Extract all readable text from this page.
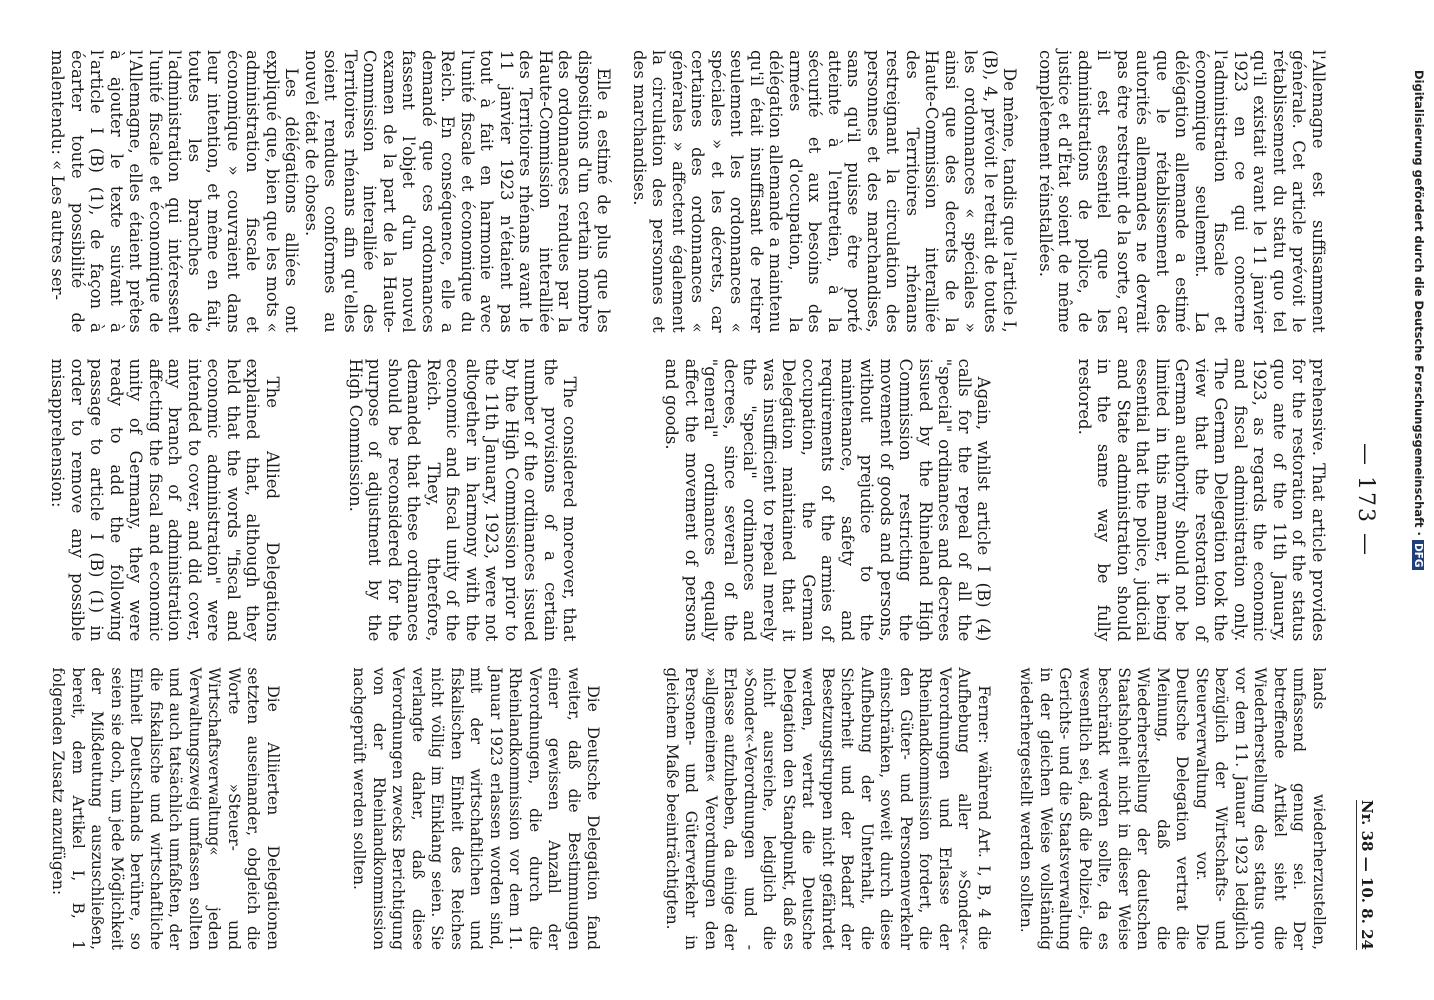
— 173 —
Nr. 38 — 10. 8. 24

l'Allemagne est suffisamment générale. Cet article prévoit le rétablissement du statu quo tel qu'il existait avant le 11 janvier 1923 en ce qui concerne l'administration fiscale et économique seulement. La délégation allemande a estimé que le rétablissement des autorités allemandes ne devrait pas être restreint de la sorte, car il est essentiel que les administrations de police, de justice et d'État soient de même complètement réinstallées.

De même, tandis que l'article I, (B), 4, prévoit le retrait de toutes les ordonnances « spéciales » ainsi que des decrets de la Haute-Commission interalliée des Territoires rhénans restreignant la circulation des personnes et des marchandises, sans qu'il puisse être porté atteinte à l'entretien, à la sécurité et aux besoins des armées d'occupation, la délégation allemande a maintenu qu'il était insuffisant de retirer seulement les ordonnances « spéciales » et les décrets, car certaines des ordonnances « générales » affectent également la circulation des personnes et des marchandises.

Elle a estimé de plus que les dispositions d'un certain nombre des ordonnances rendues par la Haute-Commission interalliée des Territoires rhénans avant le 11 janvier 1923 n'étaient pas tout à fait en harmonie avec l'unité fiscale et économique du Reich. En conséquence, elle a demandé que ces ordonnances fassent l'objet d'un nouvel examen de la part de la Haute-Commission interalliée des Territoires rhénans afin qu'elles soient rendues conformes au nouvel état de choses.

Les délégations alliées ont expliqué que, bien que les mots « administration fiscale et économique » couvraient dans leur intention, et même en fait, toutes les branches de l'administration qui intéressent l'unité fiscale et économique de l'Allemagne, elles étaient prêtes à ajouter le texte suivant à l'article I (B) (1), de façon à écarter toute possibilité de malentendu: « Les autres ser-

prehensive. That article provides for the restoration of the status quo ante of the 11th January, 1923, as regards the economic and fiscal administration only. The German Delegation took the view that the restoration of German authority should not be limited in this manner, it being essential that the police, judicial and State administration should in the same way be fully restored.

Again, whilst article I (B) (4) calls for the repeal of all the "special" ordinances and decrees issued by the Rhineland High Commission restricting the movement of goods and persons, without prejudice to the maintenance, safety and requirements of the armies of occupation, the German Delegation maintained that it was insufficient to repeal merely the "special" ordinances and decrees, since several of the "general" ordinances equally affect the movement of persons and goods.

The considered moreover, that the provisions of a certain number of the ordinances issued by the High Commission prior to the 11th January, 1923, were not altogether in harmony with the economic and fiscal unity of the Reich. They, therefore, demanded that these ordinances should be reconsidered for the purpose of adjustment by the High Commission.

The Allied Delegations explained that, although they held that the words "fiscal and economic administration" were intended to cover, and did cover, any branch of administration affecting the fiscal and economic unity of Germany, they were ready to add the following passage to article I (B) (1) in order to remove any possible misapprehension:

lands wiederherzustellen, umfassend genug sei. Der betreffende Artikel sieht die Wiederherstellung des status quo vor dem 11. Januar 1923 lediglich bezüglich der Wirtschafts- und Steuerverwaltung vor. Die Deutsche Delegation vertrat die Meinung, daß die Wiederherstellung der deutschen Staatshoheit nicht in dieser Weise beschränkt werden sollte, da es wesentlich sei, daß die Polizei-, die Gerichts- und die Staatsverwaltung in der gleichen Weise vollständig wiederhergestellt werden sollten.

Ferner: während Art. I, B, 4 die Aufhebung aller »Sonder«-Verordnungen und Erlasse der Rheinlandkommission fordert, die den Güter- und Personenverkehr einschränken, soweit durch diese Aufhebung der Unterhalt, die Sicherheit und der Bedarf der Besetzungstruppen nicht gefährdet werden, vertrat die Deutsche Delegation den Standpunkt, daß es nicht ausreiche, lediglich die »Sonder«-Verordnungen und -Erlasse aufzuheben, da einige der »allgemeinen« Verordnungen den Personen- und Güterverkehr in gleichem Maße beeinträchtigten.

Die Deutsche Delegation fand weiter, daß die Bestimmungen einer gewissen Anzahl der Verordnungen, die durch die Rheinlandkommission vor dem 11. Januar 1923 erlassen worden sind, mit der wirtschaftlichen und fiskalischen Einheit des Reiches nicht völlig im Einklang seien. Sie verlangte daher, daß diese Verordnungen zwecks Berichtigung von der Rheinlandkommission nachgeprüft werden sollten.

Die Alliierten Delegationen setzten auseinander, obgleich die Worte »Steuer- und Wirtschaftsverwaltung« jeden Verwaltungszweig umfassen sollten und auch tatsächlich umfaßten, der die fiskalische und wirtschaftliche Einheit Deutschlands berühre, so seien sie doch, um jede Möglichkeit der Mißdeutung auszuschließen, bereit, dem Artikel I, B, 1 folgenden Zusatz anzufügen:

Digitalisierung gefördert durch die Deutsche Forschungsgemeinschaft ·DFG
